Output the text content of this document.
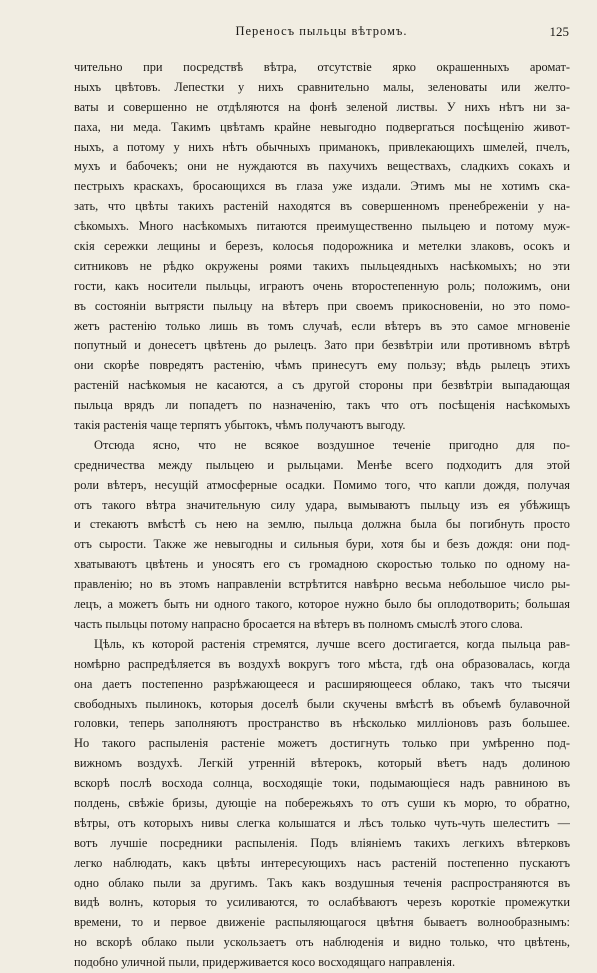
Переносъ пыльцы вѣтромъ.	125
чительно при посредствѣ вѣтра, отсутствіе ярко окрашенныхъ аромат-
ныхъ цвѣтовъ. Лепестки у нихъ сравнительно малы, зеленоваты или желто-
ваты и совершенно не отдѣляются на фонѣ зеленой листвы. У нихъ нѣтъ ни за-
паха, ни меда. Такимъ цвѣтамъ крайне невыгодно подвергаться посѣщенію живот-
ныхъ, а потому у нихъ нѣтъ обычныхъ приманокъ, привлекающихъ шмелей, пчелъ,
мухъ и бабочекъ; они не нуждаются въ пахучихъ веществахъ, сладкихъ сокахъ и
пестрыхъ краскахъ, бросающихся въ глаза уже издали. Этимъ мы не хотимъ ска-
зать, что цвѣты такихъ растеній находятся въ совершенномъ пренебреженіи у на-
сѣкомыхъ. Много насѣкомыхъ питаются преимущественно пыльцею и потому муж-
скія сережки лещины и березъ, колосья подорожника и метелки злаковъ, осокъ и
ситниковъ не рѣдко окружены роями такихъ пыльцеядныхъ насѣкомыхъ; но эти
гости, какъ носители пыльцы, играютъ очень второстепенную роль; положимъ, они
въ состояніи вытрясти пыльцу на вѣтеръ при своемъ прикосновеніи, но это помо-
жетъ растенію только лишь въ томъ случаѣ, если вѣтеръ въ это самое мгновеніе
попутный и донесетъ цвѣтень до рылецъ. Зато при безвѣтріи или противномъ вѣтрѣ
они скорѣе повредятъ растенію, чѣмъ принесутъ ему пользу; вѣдь рылецъ этихъ
растеній насѣкомыя не касаются, а съ другой стороны при безвѣтріи выпадающая
пыльца врядъ ли попадетъ по назначенію, такъ что отъ посѣщенія насѣкомыхъ
такія растенія чаще терпятъ убытокъ, чѣмъ получаютъ выгоду.
Отсюда ясно, что не всякое воздушное теченіе пригодно для по-
средничества между пыльцею и рыльцами. Менѣе всего подходитъ для этой
роли вѣтеръ, несущій атмосферные осадки. Помимо того, что капли дождя, получая
отъ такого вѣтра значительную силу удара, вымываютъ пыльцу изъ ея убѣжищъ
и стекаютъ вмѣстѣ съ нею на землю, пыльца должна была бы погибнуть просто
отъ сырости. Также же невыгодны и сильныя бури, хотя бы и безъ дождя: они под-
хватываютъ цвѣтень и уносятъ его съ громадною скоростью только по одному на-
правленію; но въ этомъ направленіи встрѣтится навѣрно весьма небольшое число ры-
лецъ, а можетъ быть ни одного такого, которое нужно было бы оплодотворить; большая
часть пыльцы потому напрасно бросается на вѣтеръ въ полномъ смыслѣ этого слова.
Цѣль, къ которой растенія стремятся, лучше всего достигается, когда пыльца рав-
номѣрно распредѣляется въ воздухѣ вокругъ того мѣста, гдѣ она образовалась, когда
она даетъ постепенно разрѣжающееся и расширяющееся облако, такъ что тысячи
свободныхъ пылинокъ, которыя доселѣ были скучены вмѣстѣ въ объемѣ булавочной
головки, теперь заполняютъ пространство въ нѣсколько милліоновъ разъ большее.
Но такого распыленія растеніе можетъ достигнуть только при умѣренно под-
вижномъ воздухѣ. Легкій утренній вѣтерокъ, который вѣетъ надъ долиною
вскорѣ послѣ восхода солнца, восходящіе токи, подымающіеся надъ равниною въ
полдень, свѣжіе бризы, дующіе на побережьяхъ то отъ суши къ морю, то обратно,
вѣтры, отъ которыхъ нивы слегка колышатся и лѣсъ только чуть-чуть шелеститъ —
вотъ лучшіе посредники распыленія. Подъ вліяніемъ такихъ легкихъ вѣтерковъ
легко наблюдать, какъ цвѣты интересующихъ насъ растеній постепенно пускаютъ
одно облако пыли за другимъ. Такъ какъ воздушныя теченія распространяются въ
видѣ волнъ, которыя то усиливаются, то ослабѣваютъ черезъ короткіе промежутки
времени, то и первое движеніе распыляющагося цвѣтня бываетъ волнообразнымъ:
но вскорѣ облако пыли ускользаетъ отъ наблюденія и видно только, что цвѣтень,
подобно уличной пыли, придерживается косо восходящаго направленія.
